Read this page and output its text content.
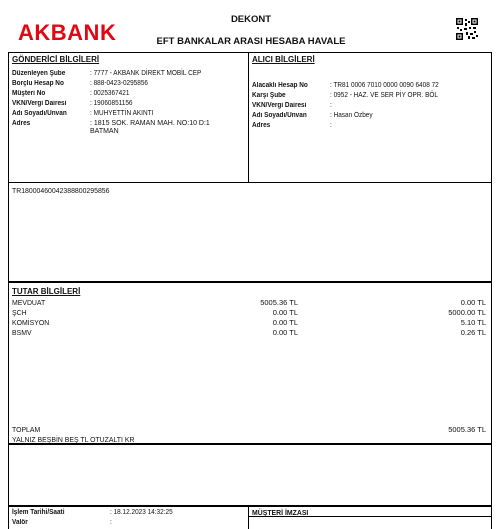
AKBANK
DEKONT
EFT BANKALAR ARASI HESABA HAVALE
GÖNDERİCİ BİLGİLERİ
Düzenleyen Şube	: 7777 - AKBANK DİREKT MOBİL CEP
Borçlu Hesap No	: 888-0423-0295856
Müşteri No	: 0025367421
VKN/Vergi Dairesi	: 19060851156
Adı Soyadı/Unvan	: MUHYETTİN AKINTI
Adres	: 1815 SOK. RAMAN MAH. NO:10 D:1 BATMAN
ALICI BİLGİLERİ
Alacaklı Hesap No	: TR81 0006 7010 0000 0090 6408 72
Karşı Şube	: 0952 - HAZ. VE SER PİY OPR. BÖL
VKN/Vergi Dairesi	:
Adı Soyadı/Unvan	: Hasan Özbey
Adres	:
TR18000460042388800295856
TUTAR BİLGİLERİ
MEVDUAT	5005.36 TL	0.00 TL
ŞCH	0.00 TL	5000.00 TL
KOMİSYON	0.00 TL	5.10 TL
BSMV	0.00 TL	0.26 TL
TOPLAM	5005.36 TL
YALNIZ BEŞBİN BEŞ TL OTUZALTI KR
İşlem Tarihi/Saati	: 18.12.2023 14:32:25
Valör	:
MÜŞTERİ İMZASI
